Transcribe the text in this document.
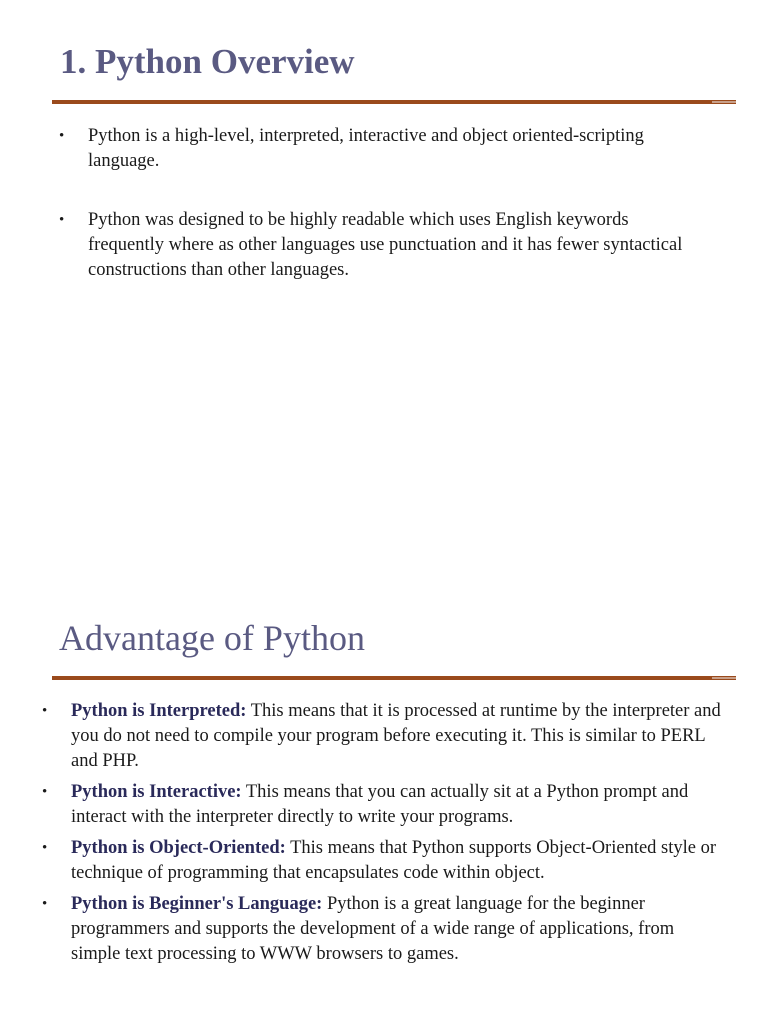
1. Python Overview
• Python is a high-level, interpreted, interactive and object oriented-scripting language.
• Python was designed to be highly readable which uses English keywords frequently where as other languages use punctuation and it has fewer syntactical constructions than other languages.
Advantage of Python
• Python is Interpreted: This means that it is processed at runtime by the interpreter and you do not need to compile your program before executing it. This is similar to PERL and PHP.
• Python is Interactive: This means that you can actually sit at a Python prompt and interact with the interpreter directly to write your programs.
• Python is Object-Oriented: This means that Python supports Object-Oriented style or technique of programming that encapsulates code within object.
• Python is Beginner's Language: Python is a great language for the beginner programmers and supports the development of a wide range of applications, from simple text processing to WWW browsers to games.
